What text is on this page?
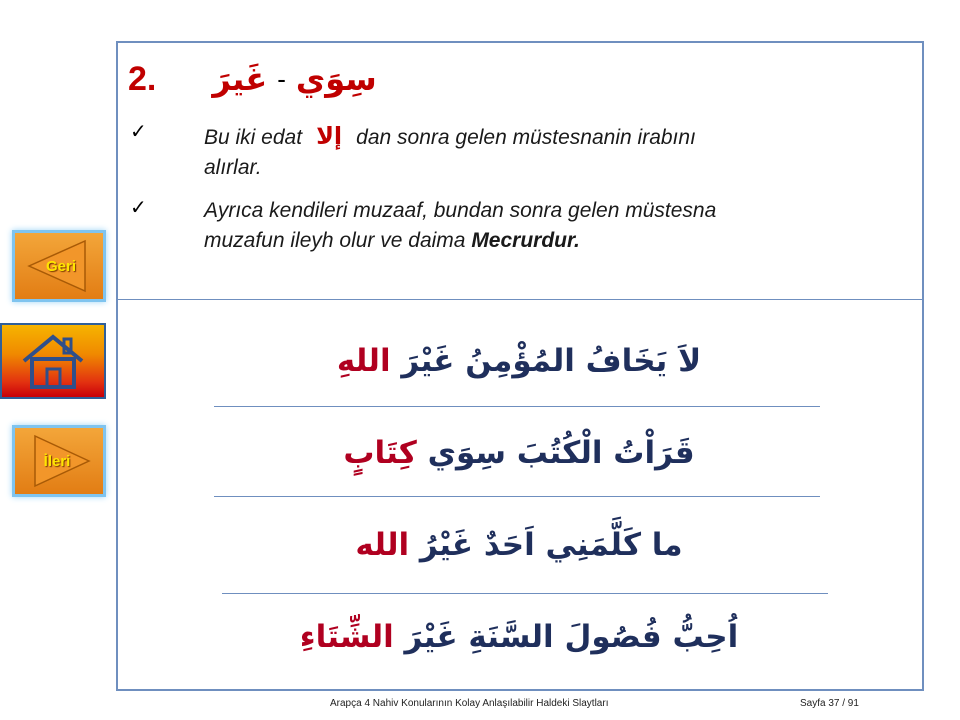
2. غَيرَ - سِوَي
✓	Bu iki edat إلا dan sonra gelen müstesnanin irabını
alırlar.
✓	Ayrıca kendileri muzaaf, bundan sonra gelen müstesna
muzafun ileyh olur ve daima Mecrurdur.
لاَ يَخَافُ المُؤْمِنُ غَيْرَ اللهِ
قَرَاْتُ الْكُتُبَ سِوَي كِتَابٍ
ما كَلَّمَنِي اَحَدٌ غَيْرُ الله
اُحِبُّ فُصُولَ السَّنَةِ غَيْرَ الشِّتَاءِ
Geri
İleri
Arapça 4 Nahiv Konularının Kolay Anlaşılabilir Haldeki Slaytları	Sayfa 37 / 91
